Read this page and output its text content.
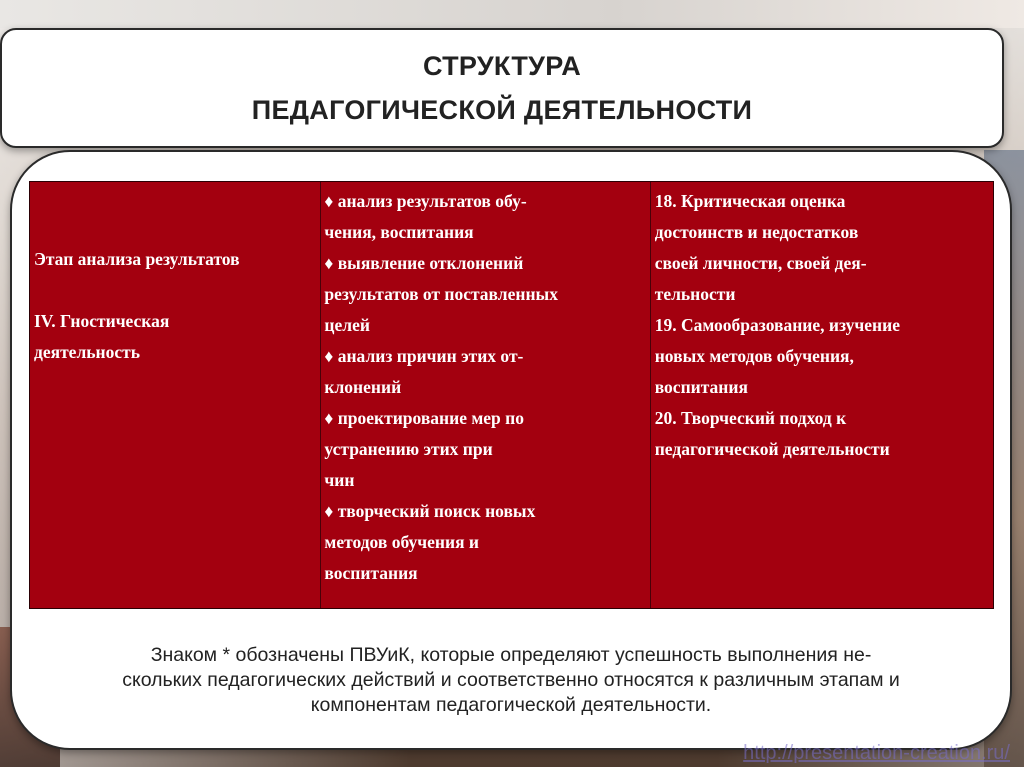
СТРУКТУРА
ПЕДАГОГИЧЕСКОЙ ДЕЯТЕЛЬНОСТИ
Этап анализа результатов
IV. Гностическая
деятельность
♦ анализ результатов обу-
чения, воспитания
♦ выявление отклонений
результатов от поставленных
целей
♦ анализ причин этих от-
клонений
♦ проектирование мер по
устранению этих при
чин
♦ творческий поиск новых
методов обучения и
воспитания
18. Критическая оценка
достоинств и недостатков
своей личности, своей дея-
тельности
19. Самообразование, изучение
новых методов обучения,
воспитания
20. Творческий подход к
педагогической деятельности
Знаком * обозначены ПВУиК, которые определяют успешность выполнения не-
скольких педагогических действий и соответственно относятся к различным этапам и
компонентам педагогической деятельности.
http://presentation-creation.ru/
